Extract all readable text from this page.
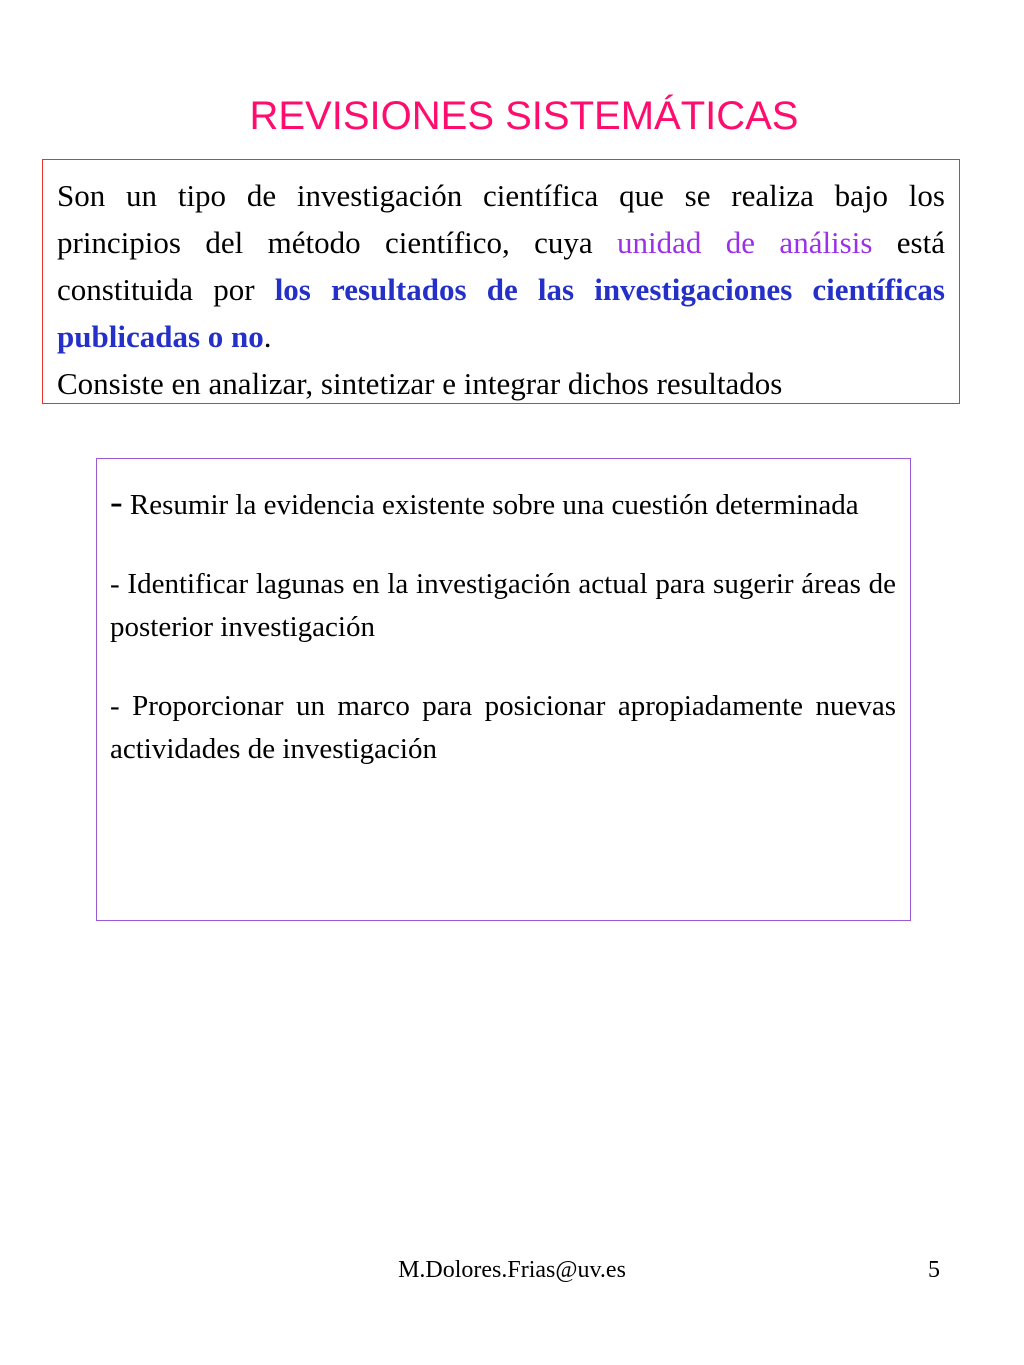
REVISIONES SISTEMÁTICAS

Son un tipo de investigación científica que se realiza bajo los principios del método científico, cuya unidad de análisis está constituida por los resultados de las investigaciones científicas publicadas o no.

Consiste en analizar, sintetizar e integrar dichos resultados

- Resumir la evidencia existente sobre una cuestión determinada

- Identificar lagunas en la investigación actual para sugerir áreas de posterior investigación

- Proporcionar un marco para posicionar apropiadamente nuevas actividades de investigación

M.Dolores.Frias@uv.es	5
